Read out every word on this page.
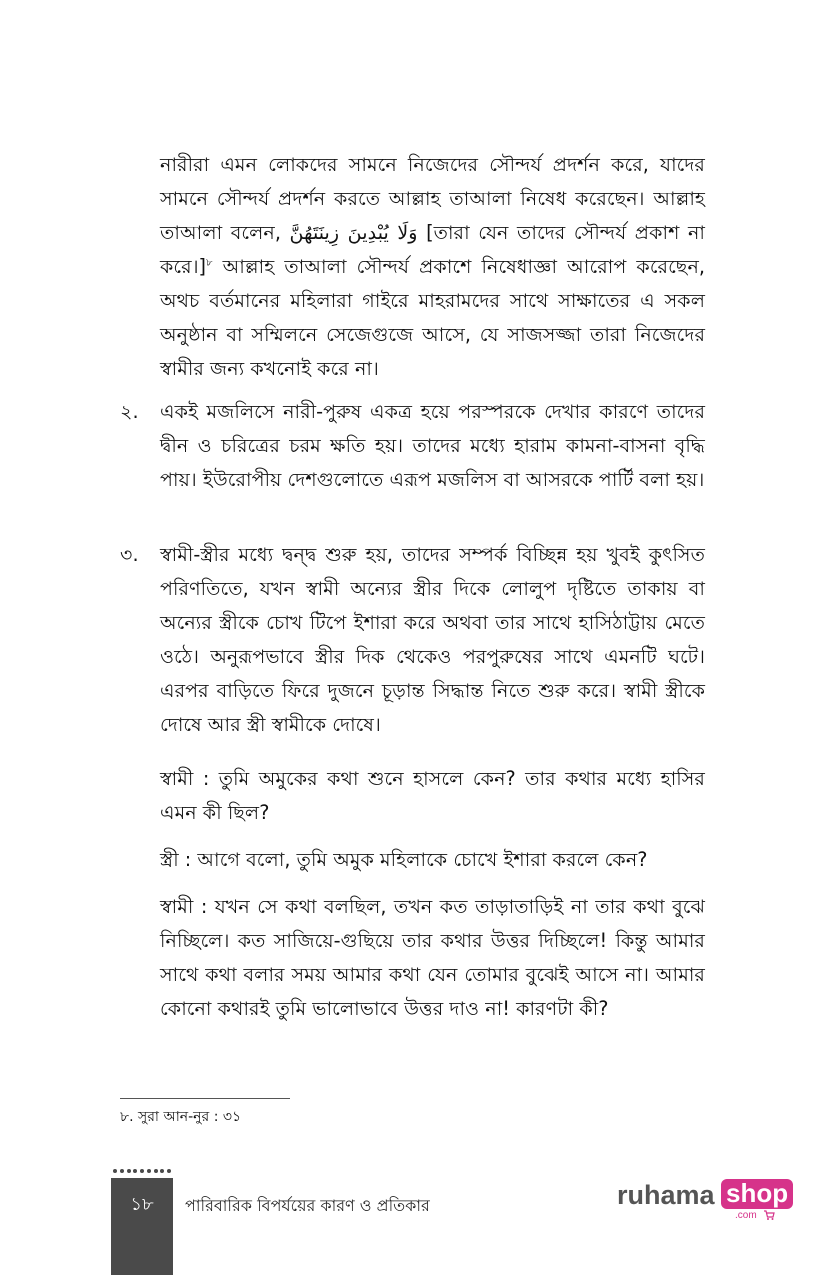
নারীরা এমন লোকদের সামনে নিজেদের সৌন্দর্য প্রদর্শন করে, যাদের সামনে সৌন্দর্য প্রদর্শন করতে আল্লাহ তাআলা নিষেধ করেছেন। আল্লাহ তাআলা বলেন, وَلَا يُبْدِينَ زِينَتَهُنَّ [তারা যেন তাদের সৌন্দর্য প্রকাশ না করে।]$^৮$ আল্লাহ তাআলা সৌন্দর্য প্রকাশে নিষেধাজ্ঞা আরোপ করেছেন, অথচ বর্তমানের মহিলারা গাইরে মাহরামদের সাথে সাক্ষাতের এ সকল অনুষ্ঠান বা সম্মিলনে সেজেগুজে আসে, যে সাজসজ্জা তারা নিজেদের স্বামীর জন্য কখনোই করে না।

২.	একই মজলিসে নারী-পুরুষ একত্র হয়ে পরস্পরকে দেখার কারণে তাদের দ্বীন ও চরিত্রের চরম ক্ষতি হয়। তাদের মধ্যে হারাম কামনা-বাসনা বৃদ্ধি পায়। ইউরোপীয় দেশগুলোতে এরূপ মজলিস বা আসরকে পার্টি বলা হয়।

৩.	স্বামী-স্ত্রীর মধ্যে দ্বন্দ্ব শুরু হয়, তাদের সম্পর্ক বিচ্ছিন্ন হয় খুবই কুৎসিত পরিণতিতে, যখন স্বামী অন্যের স্ত্রীর দিকে লোলুপ দৃষ্টিতে তাকায় বা অন্যের স্ত্রীকে চোখ টিপে ইশারা করে অথবা তার সাথে হাসিঠাট্টায় মেতে ওঠে। অনুরূপভাবে স্ত্রীর দিক থেকেও পরপুরুষের সাথে এমনটি ঘটে। এরপর বাড়িতে ফিরে দুজনে চূড়ান্ত সিদ্ধান্ত নিতে শুরু করে। স্বামী স্ত্রীকে দোষে আর স্ত্রী স্বামীকে দোষে।

স্বামী : তুমি অমুকের কথা শুনে হাসলে কেন? তার কথার মধ্যে হাসির এমন কী ছিল?

স্ত্রী : আগে বলো, তুমি অমুক মহিলাকে চোখে ইশারা করলে কেন?

স্বামী : যখন সে কথা বলছিল, তখন কত তাড়াতাড়িই না তার কথা বুঝে নিচ্ছিলে। কত সাজিয়ে-গুছিয়ে তার কথার উত্তর দিচ্ছিলে! কিন্তু আমার সাথে কথা বলার সময় আমার কথা যেন তোমার বুঝেই আসে না। আমার কোনো কথারই তুমি ভালোভাবে উত্তর দাও না! কারণটা কী?

৮. সুরা আন-নুর : ৩১
১৮	পারিবারিক বিপর্যয়ের কারণ ও প্রতিকার	ruhama shop
.com
